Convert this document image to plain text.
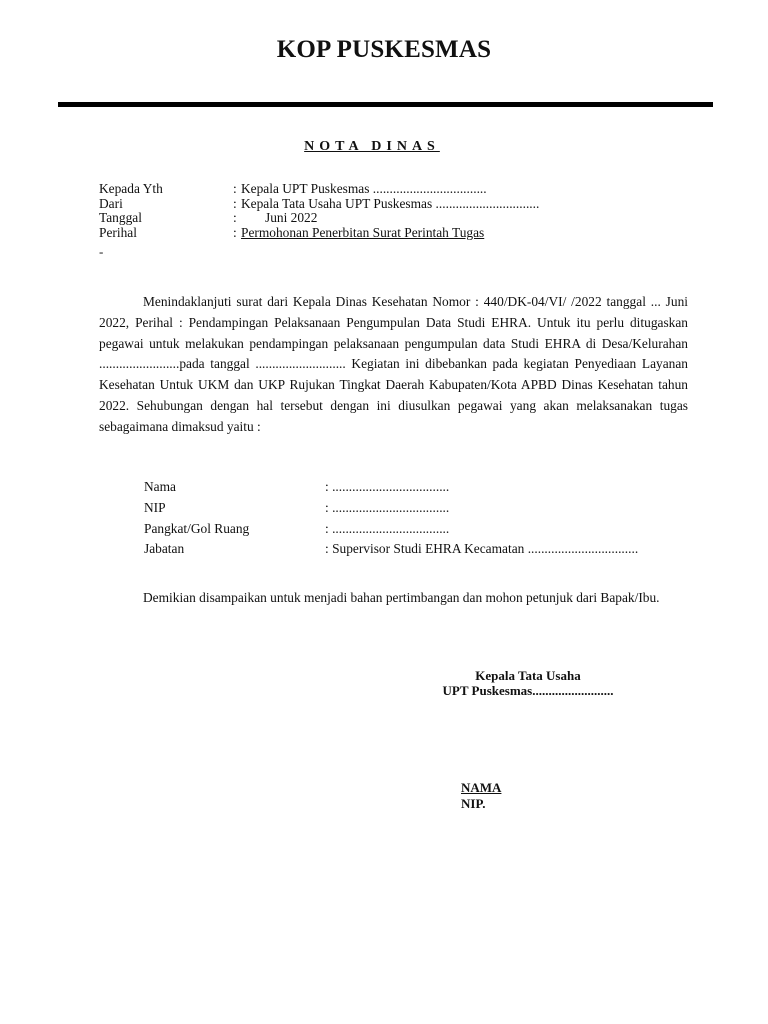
KOP PUSKESMAS
NOTA DINAS
Kepada Yth	: Kepala UPT Puskesmas ..................................
Dari	: Kepala Tata Usaha UPT Puskesmas ...............................
Tanggal	: Juni 2022
Perihal	: Permohonan Penerbitan Surat Perintah Tugas
-

Menindaklanjuti surat dari Kepala Dinas Kesehatan Nomor : 440/DK-04/VI/ /2022 tanggal ... Juni 2022, Perihal : Pendampingan Pelaksanaan Pengumpulan Data Studi EHRA. Untuk itu perlu ditugaskan pegawai untuk melakukan pendampingan pelaksanaan pengumpulan data Studi EHRA di Desa/Kelurahan ........................pada tanggal ........................... Kegiatan ini dibebankan pada kegiatan Penyediaan Layanan Kesehatan Untuk UKM dan UKP Rujukan Tingkat Daerah Kabupaten/Kota APBD Dinas Kesehatan tahun 2022. Sehubungan dengan hal tersebut dengan ini diusulkan pegawai yang akan melaksanakan tugas sebagaimana dimaksud yaitu :

Nama	: ...................................
NIP	: ...................................
Pangkat/Gol Ruang	: ...................................
Jabatan	: Supervisor Studi EHRA Kecamatan .................................

Demikian disampaikan untuk menjadi bahan pertimbangan dan mohon petunjuk dari Bapak/Ibu.

Kepala Tata Usaha
UPT Puskesmas.........................
NAMA
NIP.
